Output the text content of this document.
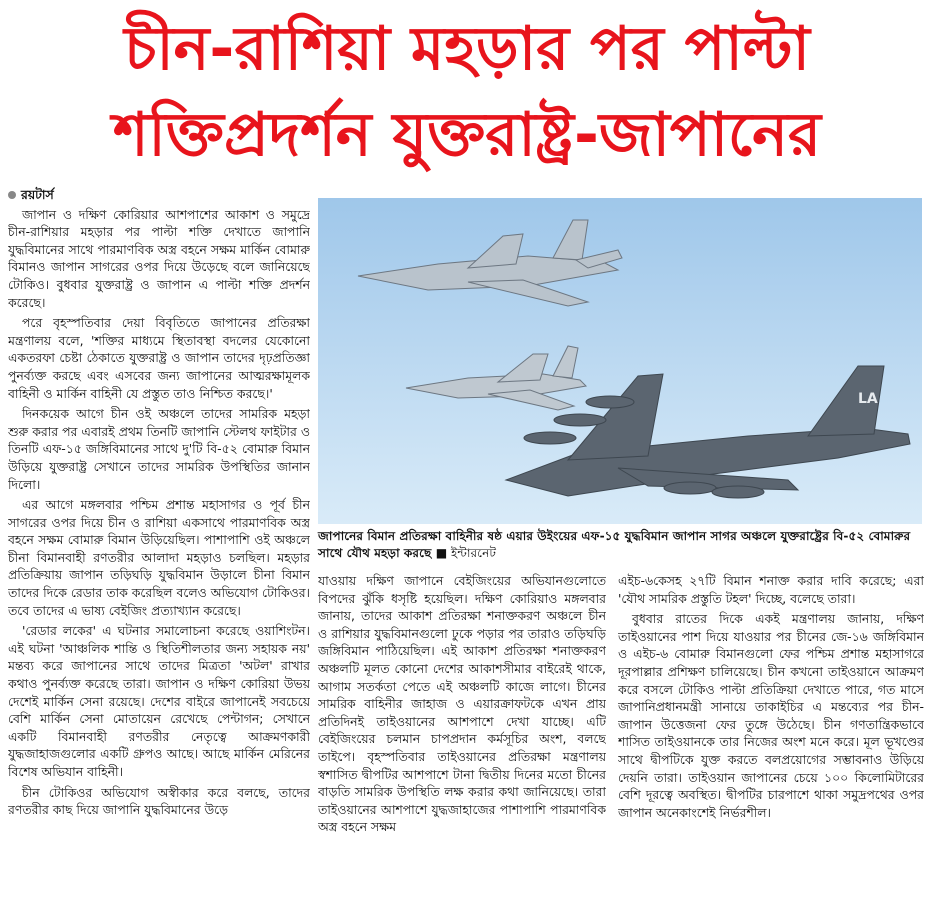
চীন-রাশিয়া মহড়ার পর পাল্টা
শক্তিপ্রদর্শন যুক্তরাষ্ট্র-জাপানের
রয়টার্স

জাপান ও দক্ষিণ কোরিয়ার আশপাশের আকাশ ও সমুদ্রে চীন-রাশিয়ার মহড়ার পর পাল্টা শক্তি দেখাতে জাপানি যুদ্ধবিমানের সাথে পারমাণবিক অস্ত্র বহনে সক্ষম মার্কিন বোমারু বিমানও জাপান সাগরের ওপর দিয়ে উড়েছে বলে জানিয়েছে টোকিও। বুধবার যুক্তরাষ্ট্র ও জাপান এ পাল্টা শক্তি প্রদর্শন করেছে।

পরে বৃহস্পতিবার দেয়া বিবৃতিতে জাপানের প্রতিরক্ষা মন্ত্রণালয় বলে, 'শক্তির মাধ্যমে স্থিতাবস্থা বদলের যেকোনো একতরফা চেষ্টা ঠেকাতে যুক্তরাষ্ট্র ও জাপান তাদের দৃঢ়প্রতিজ্ঞা পুনর্ব্যক্ত করছে এবং এসবের জন্য জাপানের আত্মরক্ষামূলক বাহিনী ও মার্কিন বাহিনী যে প্রস্তুত তাও নিশ্চিত করছে।'

দিনকয়েক আগে চীন ওই অঞ্চলে তাদের সামরিক মহড়া শুরু করার পর এবারই প্রথম তিনটি জাপানি স্টেলথ ফাইটার ও তিনটি এফ-১৫ জঙ্গিবিমানের সাথে দু'টি বি-৫২ বোমারু বিমান উড়িয়ে যুক্তরাষ্ট্র সেখানে তাদের সামরিক উপস্থিতির জানান দিলো।

এর আগে মঙ্গলবার পশ্চিম প্রশান্ত মহাসাগর ও পূর্ব চীন সাগরের ওপর দিয়ে চীন ও রাশিয়া একসাথে পারমাণবিক অস্ত্র বহনে সক্ষম বোমারু বিমান উড়িয়েছিল। পাশাপাশি ওই অঞ্চলে চীনা বিমানবাহী রণতরীর আলাদা মহড়াও চলছিল। মহড়ার প্রতিক্রিয়ায় জাপান তড়িঘড়ি যুদ্ধবিমান উড়ালে চীনা বিমান তাদের দিকে রেডার তাক করেছিল বলেও অভিযোগ টোকিওর। তবে তাদের এ ভাষ্য বেইজিং প্রত্যাখ্যান করেছে।

'রেডার লকের' এ ঘটনার সমালোচনা করেছে ওয়াশিংটন। এই ঘটনা 'আঞ্চলিক শান্তি ও স্থিতিশীলতার জন্য সহায়ক নয়' মন্তব্য করে জাপানের সাথে তাদের মিত্রতা 'অটল' রাখার কথাও পুনর্ব্যক্ত করেছে তারা। জাপান ও দক্ষিণ কোরিয়া উভয় দেশেই মার্কিন সেনা রয়েছে। দেশের বাইরে জাপানেই সবচেয়ে বেশি মার্কিন সেনা মোতায়েন রেখেছে পেন্টাগন; সেখানে একটি বিমানবাহী রণতরীর নেতৃত্বে আক্রমণকারী যুদ্ধজাহাজগুলোর একটি গ্রুপও আছে। আছে মার্কিন মেরিনের বিশেষ অভিযান বাহিনী।

চীন টোকিওর অভিযোগ অস্বীকার করে বলছে, তাদের রণতরীর কাছ দিয়ে জাপানি যুদ্ধবিমানের উড়ে

LA
জাপানের বিমান প্রতিরক্ষা বাহিনীর ষষ্ঠ এয়ার উইংয়ের এফ-১৫ যুদ্ধবিমান জাপান সাগর অঞ্চলে যুক্তরাষ্ট্রের বি-৫২ বোমারুর সাথে যৌথ মহড়া করছে ■ ইন্টারনেট

যাওয়ায় দক্ষিণ জাপানে বেইজিংয়ের অভিযানগুলোতে বিপদের ঝুঁকি ধসৃষ্টি হয়েছিল। দক্ষিণ কোরিয়াও মঙ্গলবার জানায়, তাদের আকাশ প্রতিরক্ষা শনাক্তকরণ অঞ্চলে চীন ও রাশিয়ার যুদ্ধবিমানগুলো ঢুকে পড়ার পর তারাও তড়িঘড়ি জঙ্গিবিমান পাঠিয়েছিল। এই আকাশ প্রতিরক্ষা শনাক্তকরণ অঞ্চলটি মূলত কোনো দেশের আকাশসীমার বাইরেই থাকে, আগাম সতর্কতা পেতে এই অঞ্চলটি কাজে লাগে। চীনের সামরিক বাহিনীর জাহাজ ও এয়ারক্রাফটকে এখন প্রায় প্রতিদিনই তাইওয়ানের আশপাশে দেখা যাচ্ছে। এটি বেইজিংয়ের চলমান চাপপ্রদান কর্মসূচির অংশ, বলছে তাইপে। বৃহস্পতিবার তাইওয়ানের প্রতিরক্ষা মন্ত্রণালয় স্বশাসিত দ্বীপটির আশপাশে টানা দ্বিতীয় দিনের মতো চীনের বাড়তি সামরিক উপস্থিতি লক্ষ করার কথা জানিয়েছে। তারা তাইওয়ানের আশপাশে যুদ্ধজাহাজের পাশাপাশি পারমাণবিক অস্ত্র বহনে সক্ষম

এইচ-৬কেসহ ২৭টি বিমান শনাক্ত করার দাবি করেছে; এরা 'যৌথ সামরিক প্রস্তুতি টহল' দিচ্ছে, বলেছে তারা।

বুধবার রাতের দিকে একই মন্ত্রণালয় জানায়, দক্ষিণ তাইওয়ানের পাশ দিয়ে যাওয়ার পর চীনের জে-১৬ জঙ্গিবিমান ও এইচ-৬ বোমারু বিমানগুলো ফের পশ্চিম প্রশান্ত মহাসাগরে দূরপাল্লার প্রশিক্ষণ চালিয়েছে। চীন কখনো তাইওয়ানে আক্রমণ করে বসলে টোকিও পাল্টা প্রতিক্রিয়া দেখাতে পারে, গত মাসে জাপানিপ্রধানমন্ত্রী সানায়ে তাকাইচির এ মন্তব্যের পর চীন-জাপান উত্তেজনা ফের তুঙ্গে উঠেছে। চীন গণতান্ত্রিকভাবে শাসিত তাইওয়ানকে তার নিজের অংশ মনে করে। মূল ভূখণ্ডের সাথে দ্বীপটিকে যুক্ত করতে বলপ্রয়োগের সম্ভাবনাও উড়িয়ে দেয়নি তারা। তাইওয়ান জাপানের চেয়ে ১০০ কিলোমিটারের বেশি দূরত্বে অবস্থিত। দ্বীপটির চারপাশে থাকা সমুদ্রপথের ওপর জাপান অনেকাংশেই নির্ভরশীল।
